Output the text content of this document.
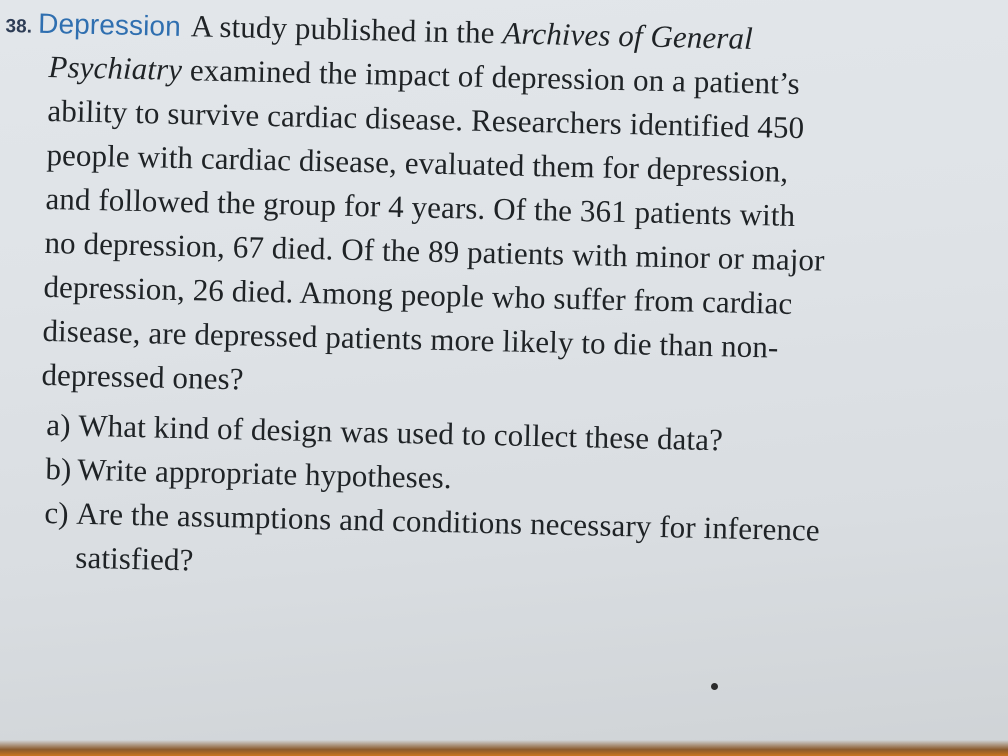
38. Depression A study published in the Archives of General
Psychiatry examined the impact of depression on a patient’s
ability to survive cardiac disease. Researchers identified 450
people with cardiac disease, evaluated them for depression,
and followed the group for 4 years. Of the 361 patients with
no depression, 67 died. Of the 89 patients with minor or major
depression, 26 died. Among people who suffer from cardiac
disease, are depressed patients more likely to die than non-
depressed ones?
a) What kind of design was used to collect these data?
b) Write appropriate hypotheses.
c) Are the assumptions and conditions necessary for inference
satisfied?
